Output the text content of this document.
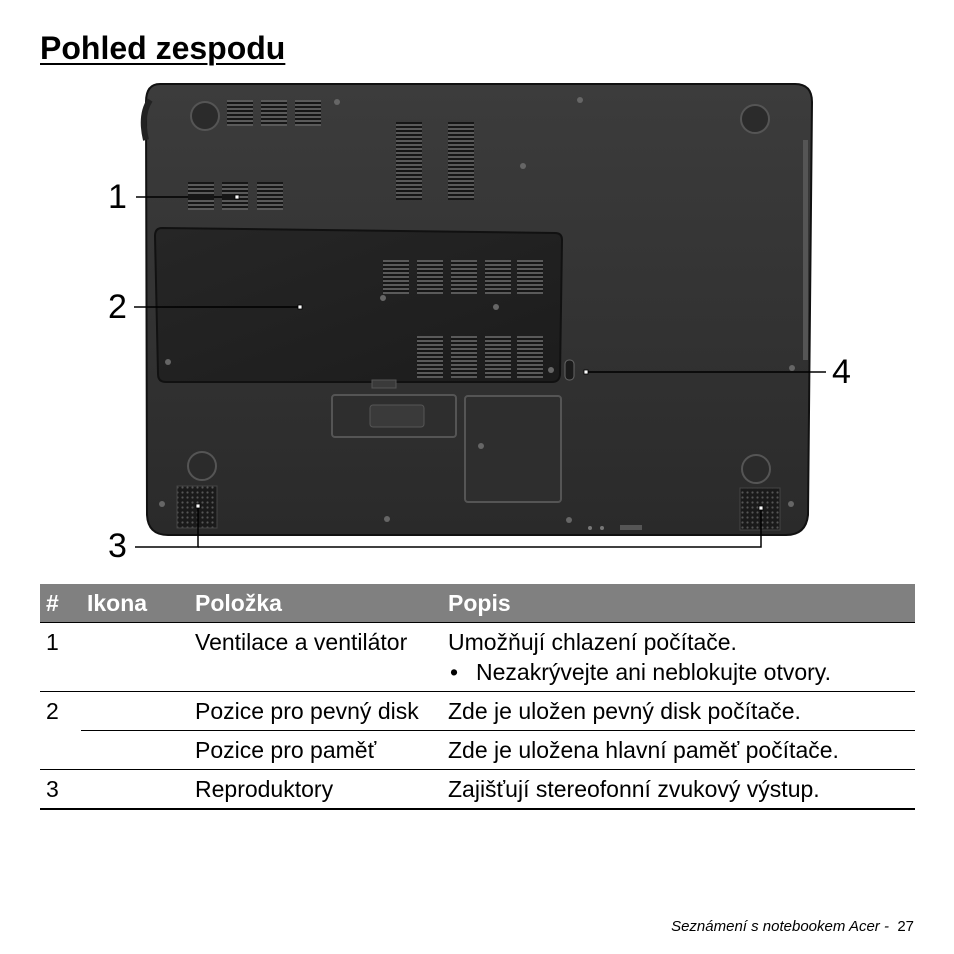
Pohled zespodu
1
2
3
4
#	Ikona	Položka	Popis
1		Ventilace a ventilátor	Umožňují chlazení počítače.
• Nezakrývejte ani neblokujte otvory.

2		Pozice pro pevný disk	Zde je uložen pevný disk počítače.
		Pozice pro paměť	Zde je uložena hlavní paměť počítače.
3		Reproduktory	Zajišťují stereofonní zvukový výstup.
Seznámení s notebookem Acer - 27
